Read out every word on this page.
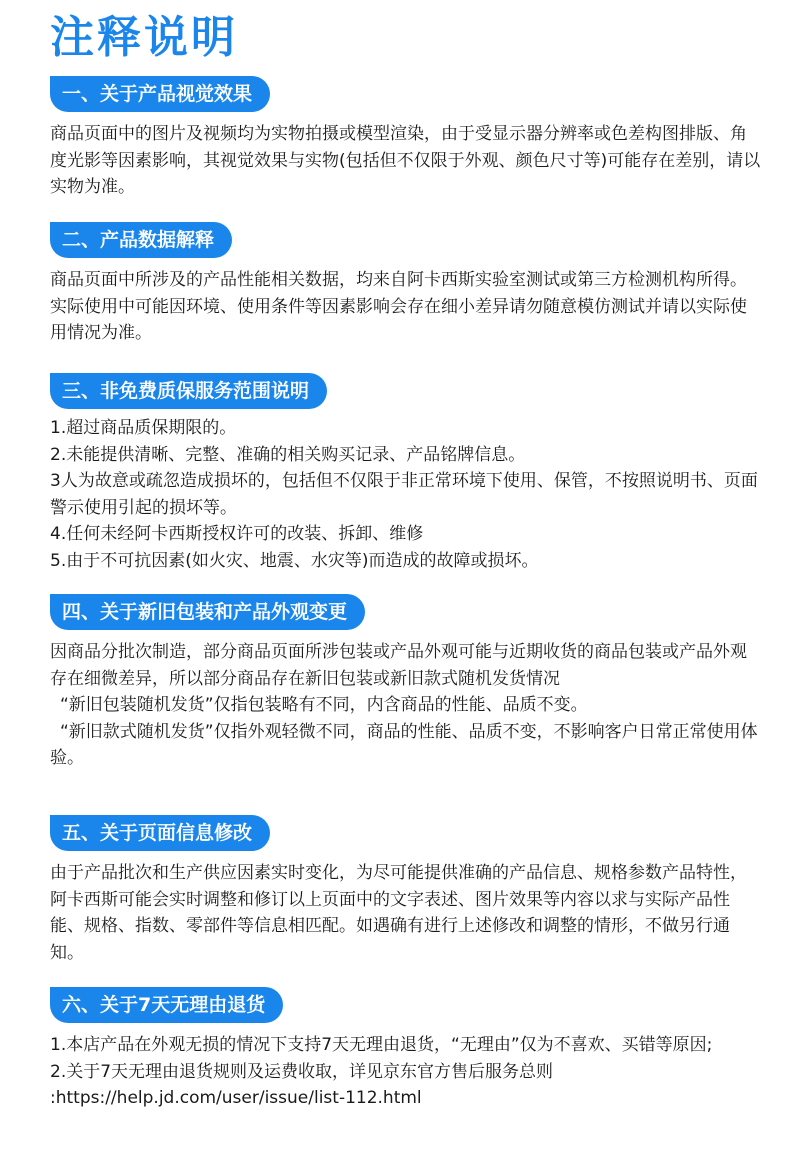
注释说明
一、关于产品视觉效果

商品页面中的图片及视频均为实物拍摄或模型渲染，由于受显示器分辨率或色差构图排版、角度光影等因素影响，其视觉效果与实物(包括但不仅限于外观、颜色尺寸等)可能存在差别，请以实物为准。

二、产品数据解释

商品页面中所涉及的产品性能相关数据，均来自阿卡西斯实验室测试或第三方检测机构所得。实际使用中可能因环境、使用条件等因素影响会存在细小差异请勿随意模仿测试并请以实际使用情况为准。

三、非免费质保服务范围说明

1.超过商品质保期限的。

2.未能提供清晰、完整、准确的相关购买记录、产品铭牌信息。

3人为故意或疏忽造成损坏的，包括但不仅限于非正常环境下使用、保管，不按照说明书、页面警示使用引起的损坏等。

4.任何未经阿卡西斯授权许可的改装、拆卸、维修

5.由于不可抗因素(如火灾、地震、水灾等)而造成的故障或损坏。

四、关于新旧包装和产品外观变更

因商品分批次制造，部分商品页面所涉包装或产品外观可能与近期收货的商品包装或产品外观存在细微差异，所以部分商品存在新旧包装或新旧款式随机发货情况

“新旧包装随机发货”仅指包装略有不同，内含商品的性能、品质不变。

“新旧款式随机发货”仅指外观轻微不同，商品的性能、品质不变，不影响客户日常正常使用体验。

五、关于页面信息修改

由于产品批次和生产供应因素实时变化，为尽可能提供准确的产品信息、规格参数产品特性，阿卡西斯可能会实时调整和修订以上页面中的文字表述、图片效果等内容以求与实际产品性能、规格、指数、零部件等信息相匹配。如遇确有进行上述修改和调整的情形，不做另行通知。

六、关于7天无理由退货

1.本店产品在外观无损的情况下支持7天无理由退货，“无理由”仅为不喜欢、买错等原因;

2.关于7天无理由退货规则及运费收取，详见京东官方售后服务总则

:https://help.jd.com/user/issue/list-112.html
